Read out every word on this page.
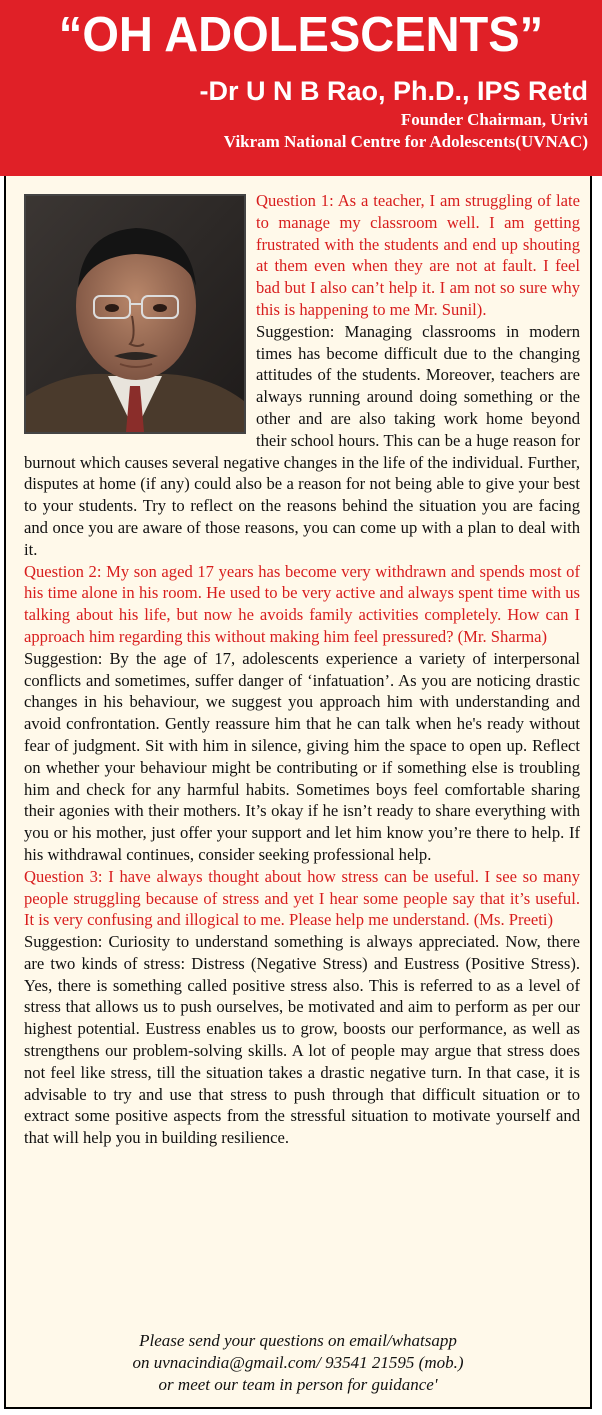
“OH ADOLESCENTS”
-Dr U N B Rao, Ph.D., IPS Retd
Founder Chairman, Urivi
Vikram National Centre for Adolescents(UVNAC)

Question 1: As a teacher, I am struggling of late to manage my classroom well. I am getting frustrated with the students and end up shouting at them even when they are not at fault. I feel bad but I also can’t help it. I am not so sure why this is happening to me Mr. Sunil).

Suggestion: Managing classrooms in modern times has become difficult due to the changing attitudes of the students. Moreover, teachers are always running around doing something or the other and are also taking work home beyond their school hours. This can be a huge reason for burnout which causes several negative changes in the life of the individual. Further, disputes at home (if any) could also be a reason for not being able to give your best to your students. Try to reflect on the reasons behind the situation you are facing and once you are aware of those reasons, you can come up with a plan to deal with it.

Question 2: My son aged 17 years has become very withdrawn and spends most of his time alone in his room. He used to be very active and always spent time with us talking about his life, but now he avoids family activities completely. How can I approach him regarding this without making him feel pressured? (Mr. Sharma)

Suggestion: By the age of 17, adolescents experience a variety of interpersonal conflicts and sometimes, suffer danger of ‘infatuation’. As you are noticing drastic changes in his behaviour, we suggest you approach him with understanding and avoid confrontation. Gently reassure him that he can talk when he's ready without fear of judgment. Sit with him in silence, giving him the space to open up. Reflect on whether your behaviour might be contributing or if something else is troubling him and check for any harmful habits. Sometimes boys feel comfortable sharing their agonies with their mothers. It’s okay if he isn’t ready to share everything with you or his mother, just offer your support and let him know you’re there to help. If his withdrawal continues, consider seeking professional help.

Question 3: I have always thought about how stress can be useful. I see so many people struggling because of stress and yet I hear some people say that it’s useful. It is very confusing and illogical to me. Please help me understand. (Ms. Preeti)

Suggestion: Curiosity to understand something is always appreciated. Now, there are two kinds of stress: Distress (Negative Stress) and Eustress (Positive Stress). Yes, there is something called positive stress also. This is referred to as a level of stress that allows us to push ourselves, be motivated and aim to perform as per our highest potential. Eustress enables us to grow, boosts our performance, as well as strengthens our problem-solving skills. A lot of people may argue that stress does not feel like stress, till the situation takes a drastic negative turn. In that case, it is advisable to try and use that stress to push through that difficult situation or to extract some positive aspects from the stressful situation to motivate yourself and that will help you in building resilience.

Please send your questions on email/whatsapp
on uvnacindia@gmail.com/ 93541 21595 (mob.)
or meet our team in person for guidance'
